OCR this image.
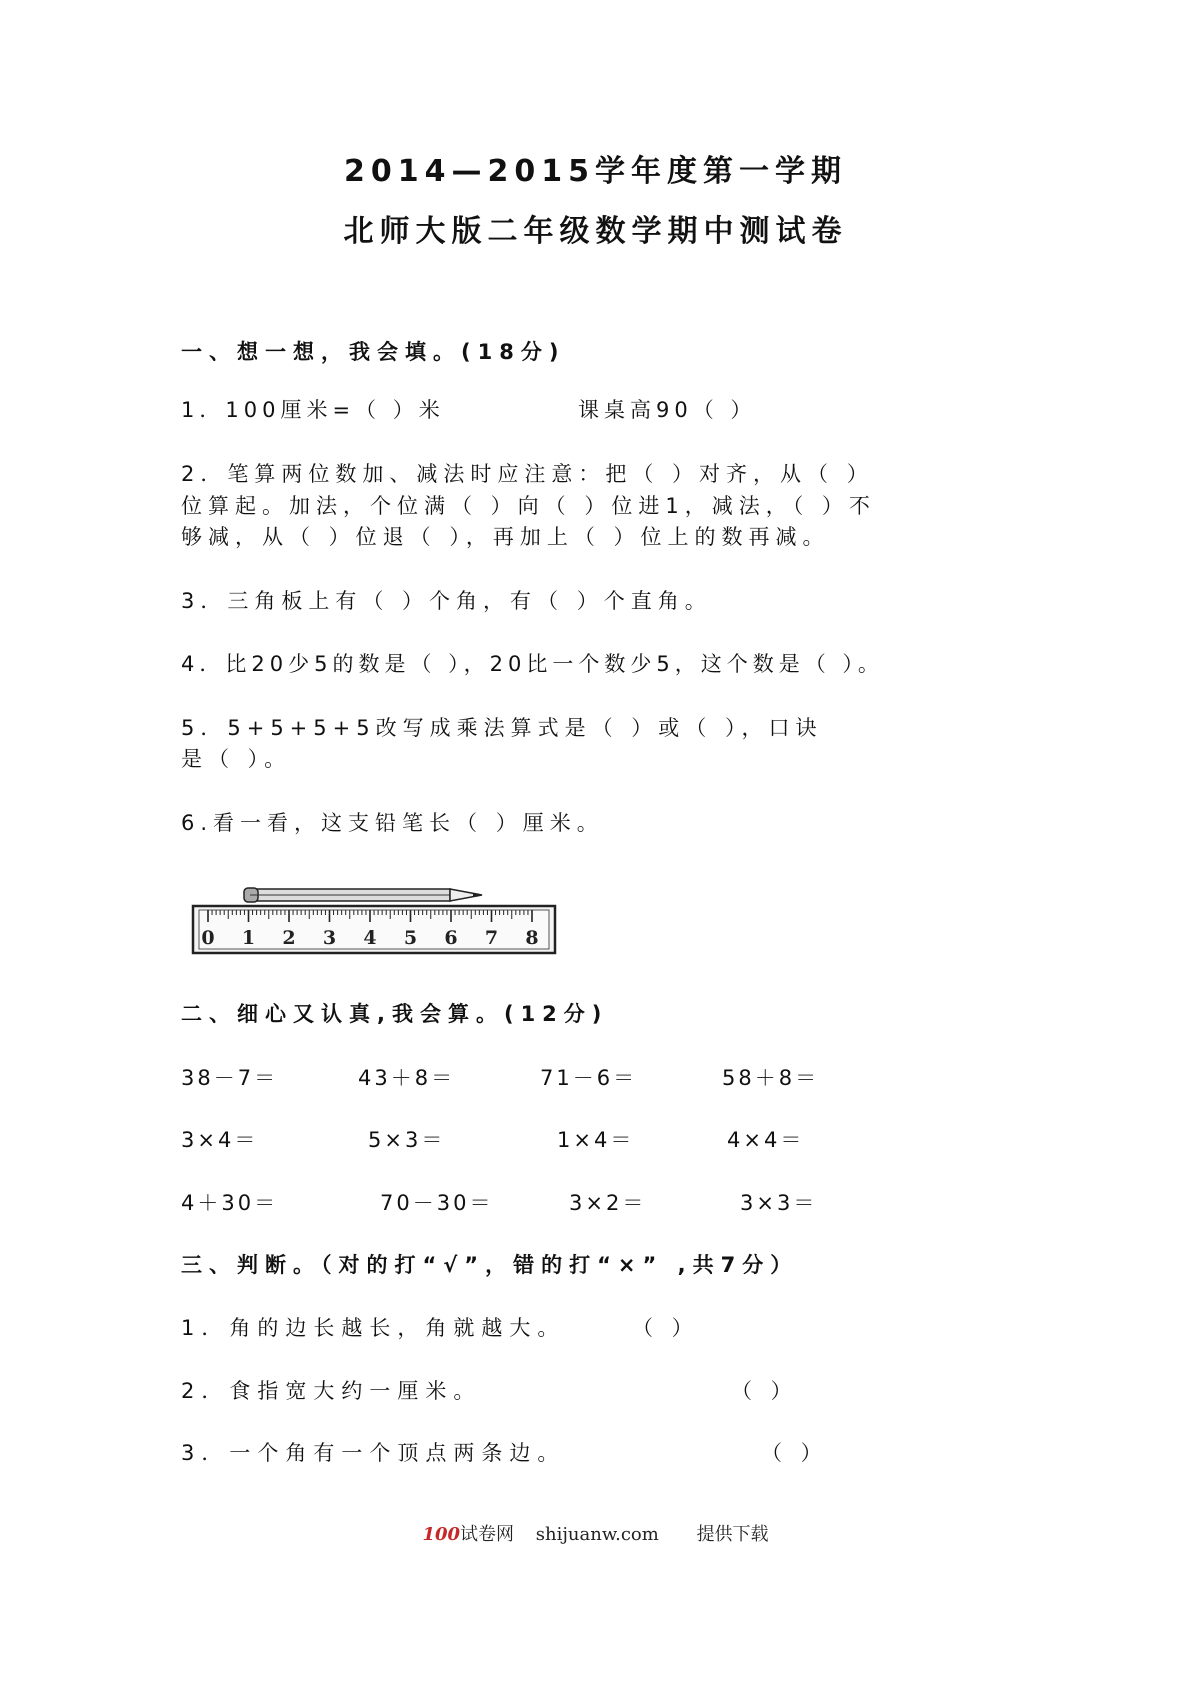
2014—2015学年度第一学期
北师大版二年级数学期中测试卷
一、想一想，我会填。(18分)
1．100厘米=（ ）米	课桌高90（ ）
2．笔算两位数加、减法时应注意：把（ ）对齐，从（ ）
位算起。加法，个位满（ ）向（ ）位进1，减法，（ ）不
够减，从（ ）位退（ ），再加上（ ）位上的数再减。
3．三角板上有（ ）个角，有（ ）个直角。
4．比20少5的数是（ ），20比一个数少5，这个数是（ ）。
5．5+5+5+5改写成乘法算式是（ ）或（ ），口诀
是（ ）。
6.看一看，这支铅笔长（ ）厘米。
0 1 2 3 4 5 6 7 8
二、细心又认真,我会算。(12分)
38－7＝	43＋8＝	71－6＝	58＋8＝
3×4＝	5×3＝	1×4＝	4×4＝
4＋30＝	70－30＝	3×2＝	3×3＝
三、判断。（对的打“√”，错的打“×” ,共7分）
1．角的边长越长，角就越大。	（ ）
2．食指宽大约一厘米。	（ ）
3．一个角有一个顶点两条边。	（ ）
100试卷网 shijuanw.com 提供下载
